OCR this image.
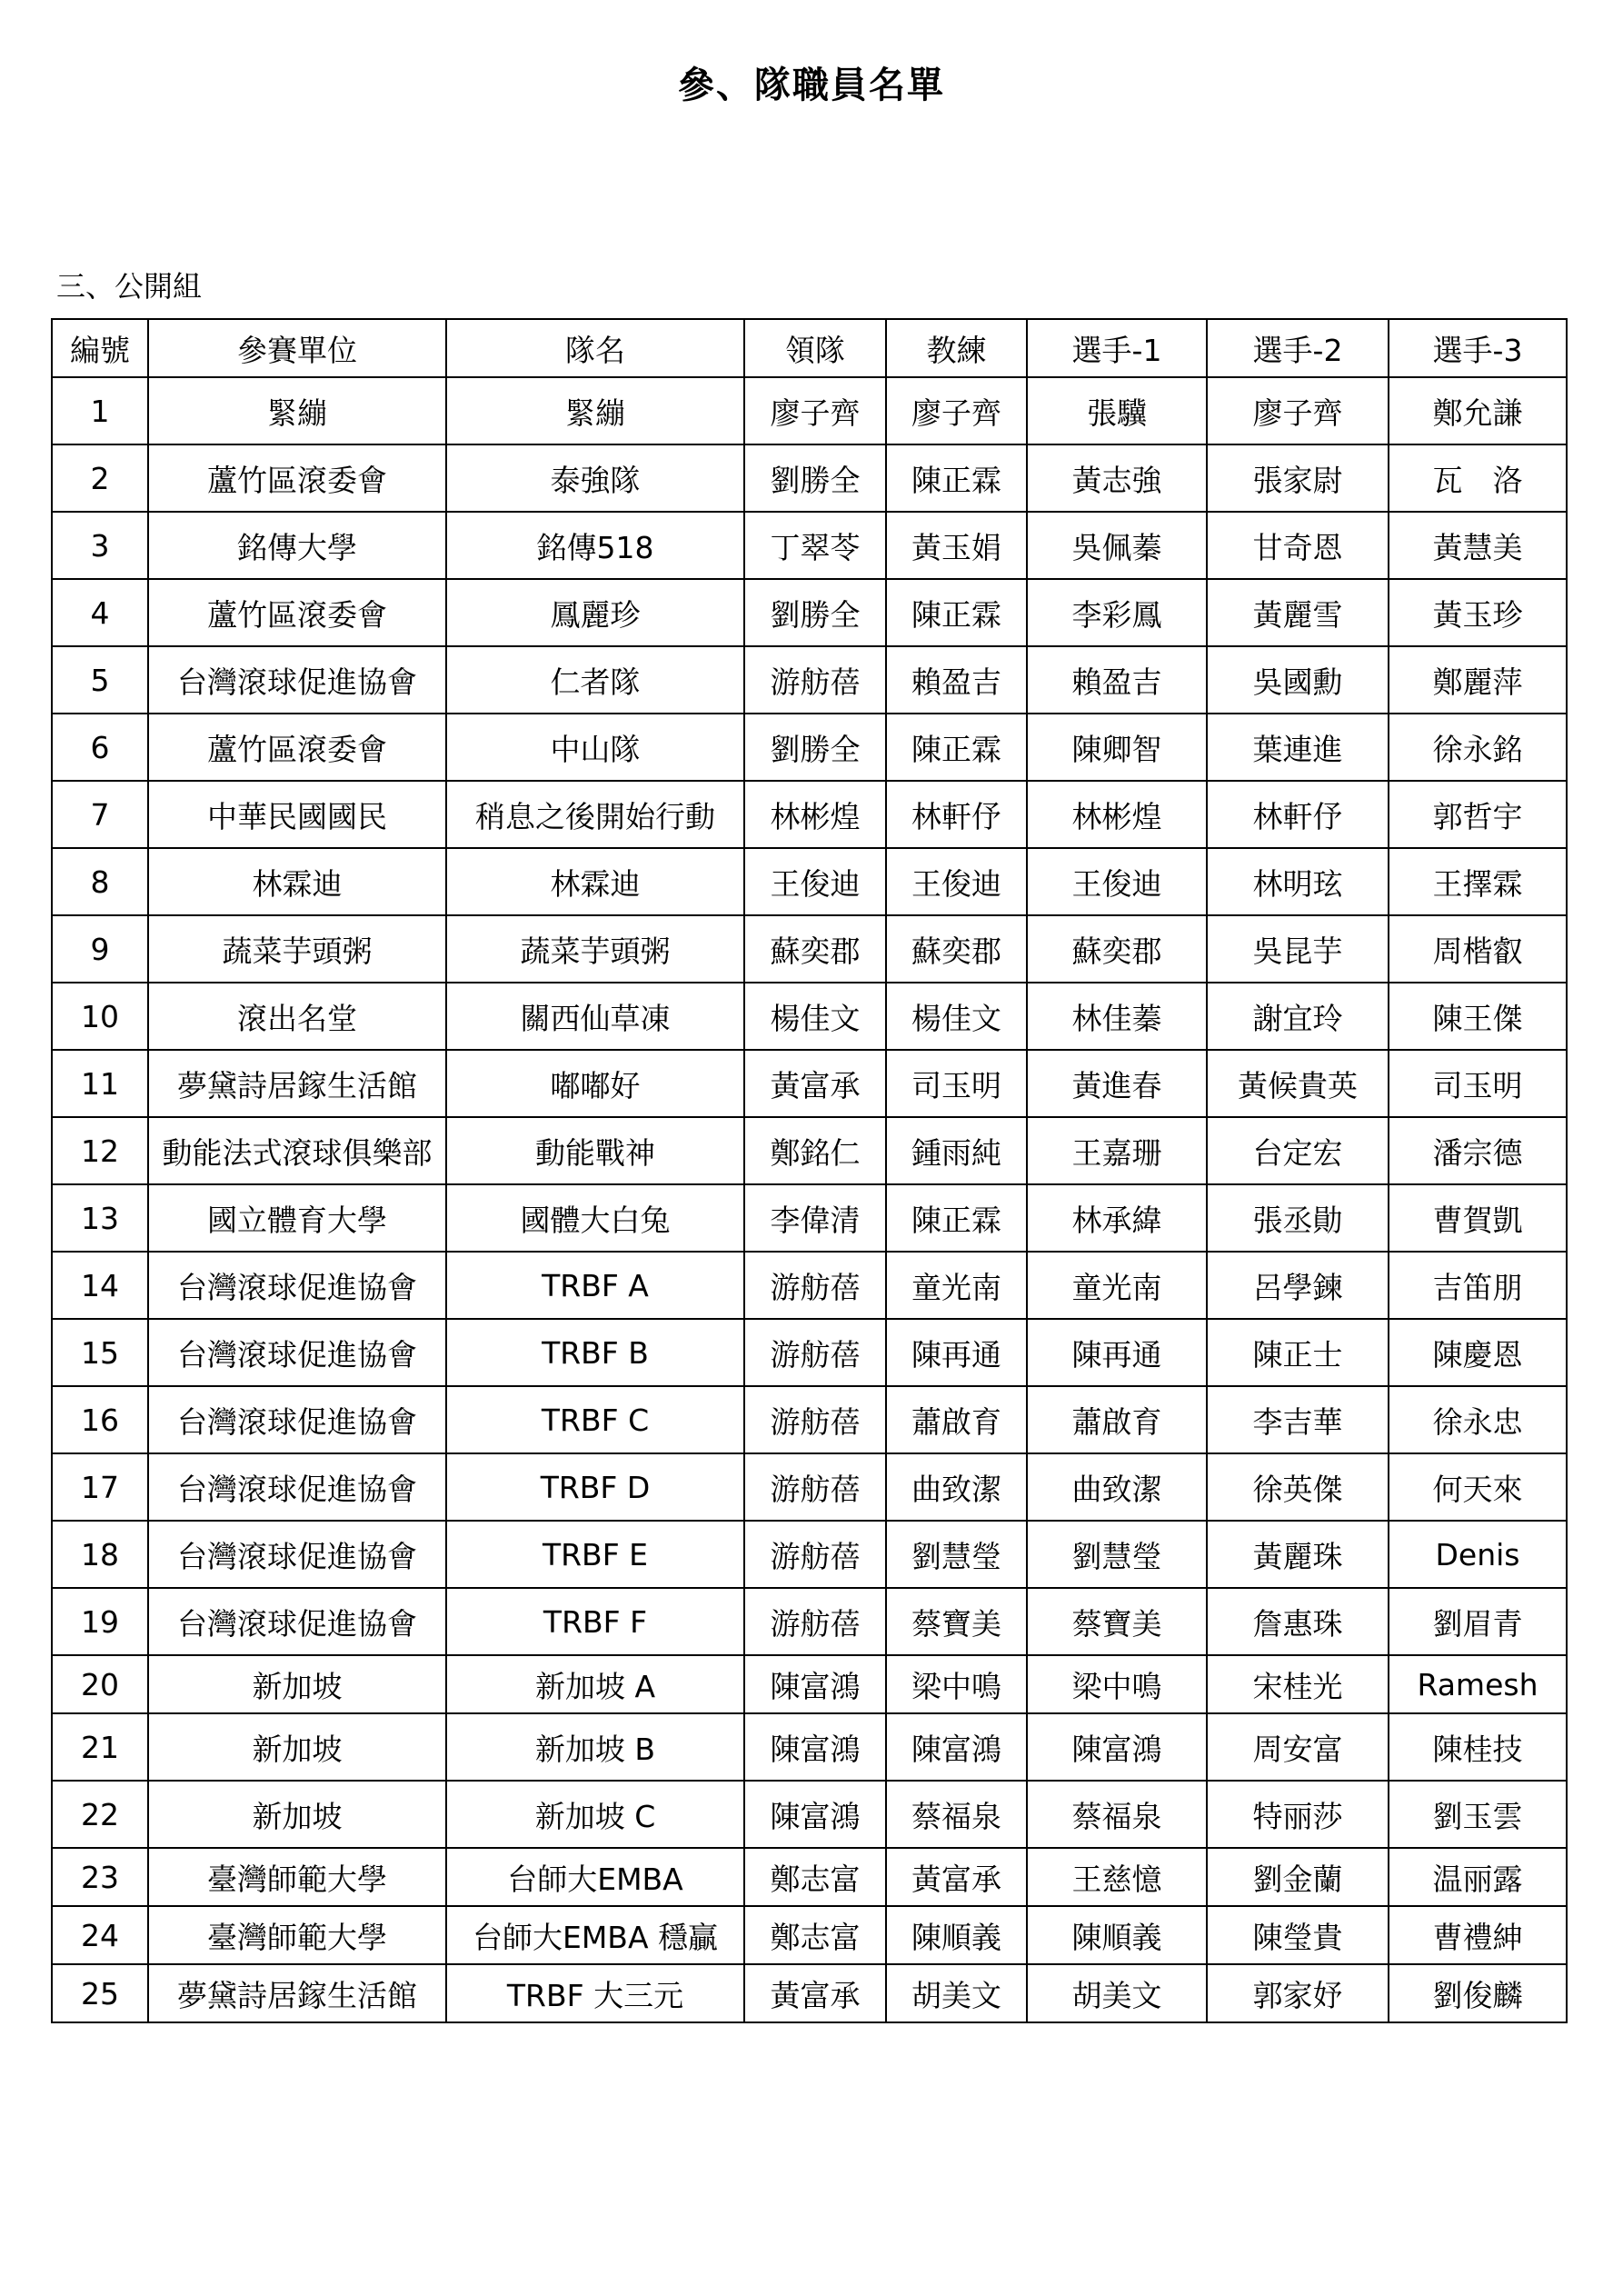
參、隊職員名單
三、公開組
編號	參賽單位	隊名	領隊	教練	選手-1	選手-2	選手-3
1	緊繃	緊繃	廖子齊	廖子齊	張驥	廖子齊	鄭允謙
2	蘆竹區滾委會	泰強隊	劉勝全	陳正霖	黃志強	張家尉	瓦　洛
3	銘傳大學	銘傳518	丁翠苓	黃玉娟	吳佩蓁	甘奇恩	黃慧美
4	蘆竹區滾委會	鳳麗珍	劉勝全	陳正霖	李彩鳳	黃麗雪	黃玉珍
5	台灣滾球促進協會	仁者隊	游舫蓓	賴盈吉	賴盈吉	吳國勳	鄭麗萍
6	蘆竹區滾委會	中山隊	劉勝全	陳正霖	陳卿智	葉連進	徐永銘
7	中華民國國民	稍息之後開始行動	林彬煌	林軒伃	林彬煌	林軒伃	郭哲宇
8	林霖迪	林霖迪	王俊迪	王俊迪	王俊迪	林明玹	王擇霖
9	蔬菜芋頭粥	蔬菜芋頭粥	蘇奕郡	蘇奕郡	蘇奕郡	吳昆芋	周楷叡
10	滾出名堂	關西仙草凍	楊佳文	楊佳文	林佳蓁	謝宜玲	陳王傑
11	夢黛詩居鎵生活館	嘟嘟好	黃富承	司玉明	黃進春	黃候貴英	司玉明
12	動能法式滾球俱樂部	動能戰神	鄭銘仁	鍾雨純	王嘉珊	台定宏	潘宗德
13	國立體育大學	國體大白兔	李偉清	陳正霖	林承緯	張丞勛	曹賀凱
14	台灣滾球促進協會	TRBF A	游舫蓓	童光南	童光南	呂學鍊	吉笛朋
15	台灣滾球促進協會	TRBF B	游舫蓓	陳再通	陳再通	陳正士	陳慶恩
16	台灣滾球促進協會	TRBF C	游舫蓓	蕭啟育	蕭啟育	李吉華	徐永忠
17	台灣滾球促進協會	TRBF D	游舫蓓	曲致潔	曲致潔	徐英傑	何天來
18	台灣滾球促進協會	TRBF E	游舫蓓	劉慧瑩	劉慧瑩	黃麗珠	Denis
19	台灣滾球促進協會	TRBF F	游舫蓓	蔡寶美	蔡寶美	詹惠珠	劉眉青
20	新加坡	新加坡 A	陳富鴻	梁中鳴	梁中鳴	宋桂光	Ramesh
21	新加坡	新加坡 B	陳富鴻	陳富鴻	陳富鴻	周安富	陳桂技
22	新加坡	新加坡 C	陳富鴻	蔡福泉	蔡福泉	特丽莎	劉玉雲
23	臺灣師範大學	台師大EMBA	鄭志富	黃富承	王慈憶	劉金蘭	温丽露
24	臺灣師範大學	台師大EMBA 穩贏	鄭志富	陳順義	陳順義	陳瑩貴	曹禮紳
25	夢黛詩居鎵生活館	TRBF 大三元	黃富承	胡美文	胡美文	郭家妤	劉俊麟
